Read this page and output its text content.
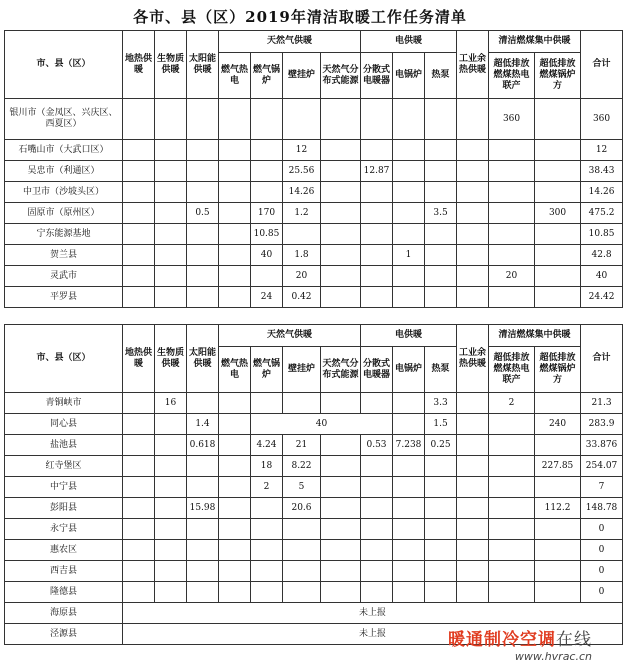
各市、县（区）2019年清洁取暖工作任务清单
市、县（区）	地热供暖	生物质供暖	太阳能供暖	天然气供暖				电供暖			工业余热供暖	清洁燃煤集中供暖		合计
				燃气热电	燃气锅炉	壁挂炉	天然气分布式能源	分散式电暖器	电锅炉	热泵		超低排放燃煤热电联产	超低排放燃煤锅炉方	
银川市（金凤区、兴庆区、西夏区）												360		360
石嘴山市（大武口区）						12								12
吴忠市（利通区）						25.56		12.87						38.43
中卫市（沙坡头区）						14.26								14.26
固原市（原州区）			0.5		170	1.2				3.5			300	475.2
宁东能源基地					10.85									10.85
贺兰县					40	1.8			1					42.8
灵武市						20						20		40
平罗县					24	0.42								24.42
市、县（区）	地热供暖	生物质供暖	太阳能供暖	天然气供暖				电供暖			工业余热供暖	清洁燃煤集中供暖		合计
				燃气热电	燃气锅炉	壁挂炉	天然气分布式能源	分散式电暖器	电锅炉	热泵		超低排放燃煤热电联产	超低排放燃煤锅炉方	
青铜峡市		16								3.3		2		21.3
同心县			1.4		40					1.5			240	283.9
盐池县			0.618		4.24	21		0.53	7.238	0.25				33.876
红寺堡区					18	8.22							227.85	254.07
中宁县					2	5								7
彭阳县			15.98			20.6							112.2	148.78
永宁县														0
惠农区														0
西吉县														0
隆德县														0
海原县	未上报													
泾源县	未上报														暖通制冷空调在线
www.hvrac.cn
